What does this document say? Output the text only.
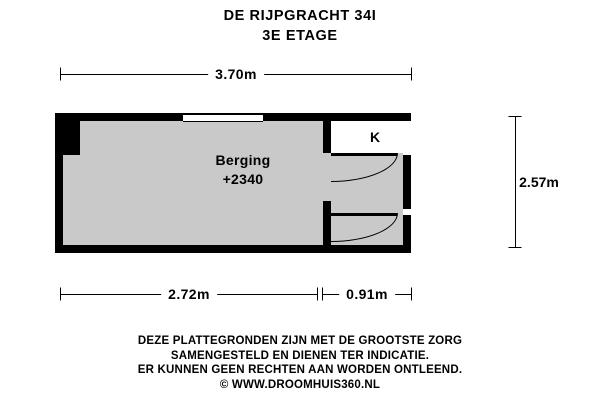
DE RIJPGRACHT 34I
3E ETAGE
3.70m
2.57m
K
Berging
+2340
2.72m	0.91m
DEZE PLATTEGRONDEN ZIJN MET DE GROOTSTE ZORG
SAMENGESTELD EN DIENEN TER INDICATIE.
ER KUNNEN GEEN RECHTEN AAN WORDEN ONTLEEND.
© WWW.DROOMHUIS360.NL
